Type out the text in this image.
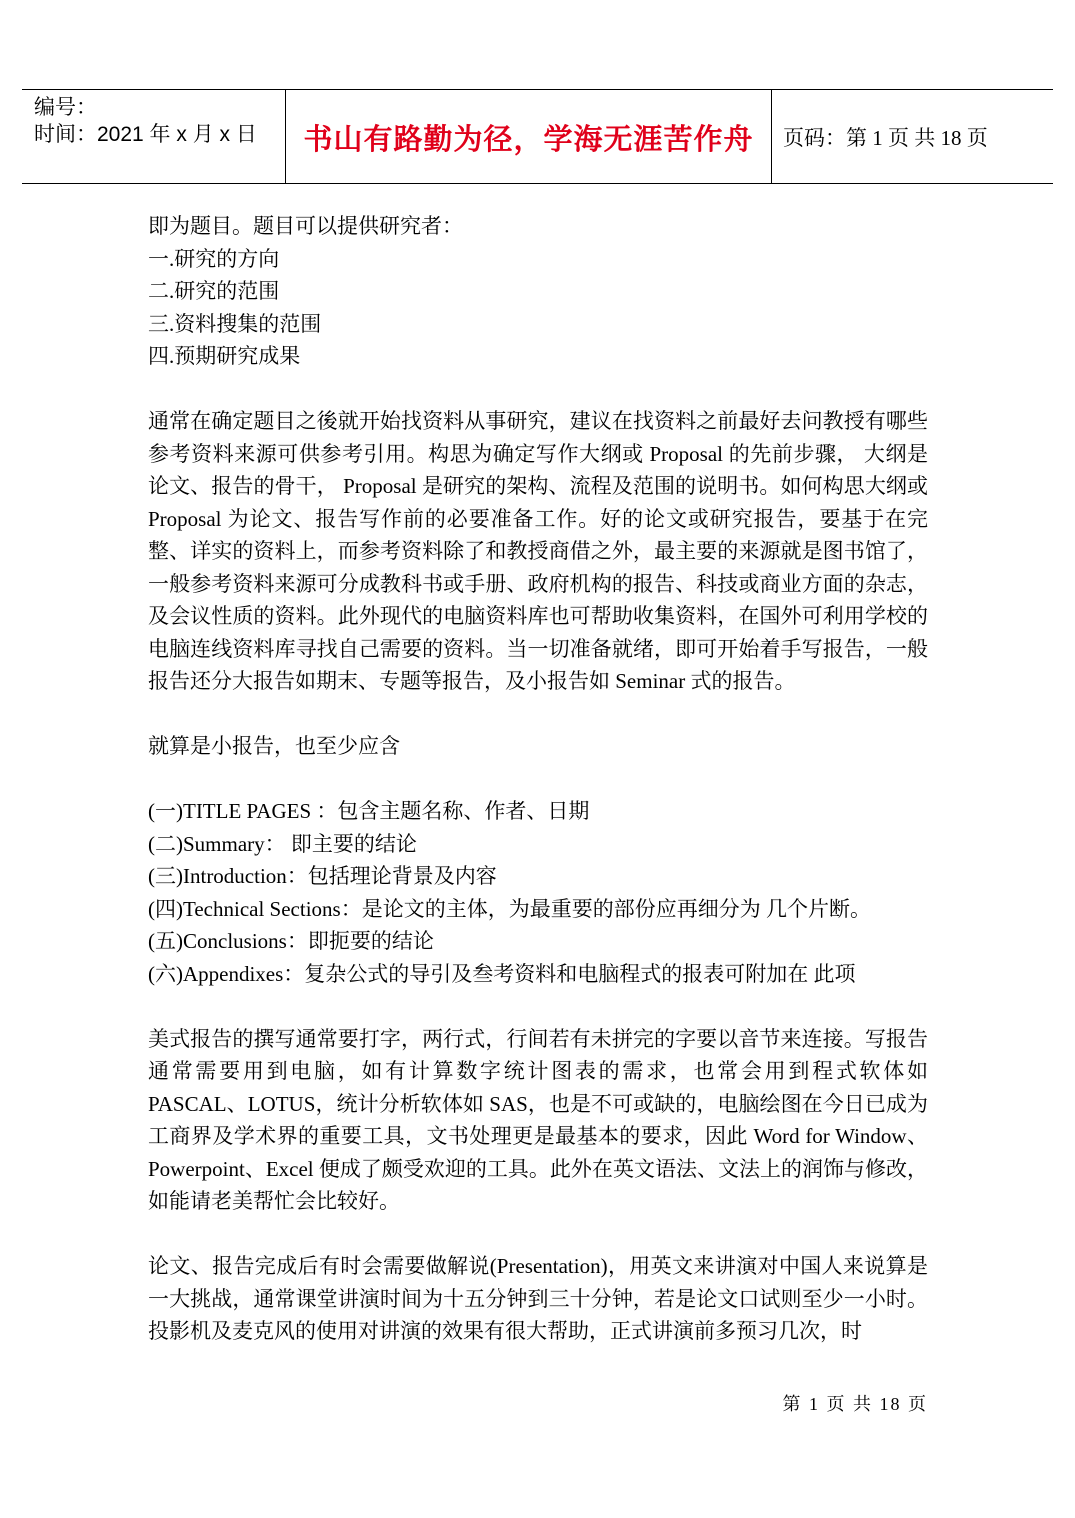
编号：
时间：2021 年 x 月 x 日	书山有路勤为径，学海无涯苦作舟 页码：第 1 页 共 18 页

即为题目。题目可以提供研究者：

一.研究的方向

二.研究的范围

三.资料搜集的范围

四.预期研究成果

通常在确定题目之後就开始找资料从事研究，建议在找资料之前最好去问教授有哪些参考资料来源可供参考引用。构思为确定写作大纲或 Proposal 的先前步骤， 大纲是论文、报告的骨干， Proposal 是研究的架构、流程及范围的说明书。如何构思大纲或 Proposal 为论文、报告写作前的必要准备工作。好的论文或研究报告，要基于在完整、详实的资料上，而参考资料除了和教授商借之外，最主要的来源就是图书馆了，一般参考资料来源可分成教科书或手册、政府机构的报告、科技或商业方面的杂志，及会议性质的资料。此外现代的电脑资料库也可帮助收集资料，在国外可利用学校的电脑连线资料库寻找自己需要的资料。当一切准备就绪，即可开始着手写报告，一般报告还分大报告如期末、专题等报告，及小报告如 Seminar 式的报告。

就算是小报告，也至少应含

(一)TITLE PAGES ：包含主题名称、作者、日期

(二)Summary： 即主要的结论

(三)Introduction：包括理论背景及内容

(四)Technical Sections：是论文的主体，为最重要的部份应再细分为 几个片断。

(五)Conclusions：即扼要的结论

(六)Appendixes：复杂公式的导引及叁考资料和电脑程式的报表可附加在 此项

美式报告的撰写通常要打字，两行式，行间若有未拼完的字要以音节来连接。写报告通常需要用到电脑，如有计算数字统计图表的需求，也常会用到程式软体如 PASCAL、LOTUS，统计分析软体如 SAS，也是不可或缺的，电脑绘图在今日已成为工商界及学术界的重要工具，文书处理更是最基本的要求，因此 Word for Window、Powerpoint、Excel 便成了颇受欢迎的工具。此外在英文语法、文法上的润饰与修改，如能请老美帮忙会比较好。

论文、报告完成后有时会需要做解说(Presentation)，用英文来讲演对中国人来说算是一大挑战，通常课堂讲演时间为十五分钟到三十分钟，若是论文口试则至少一小时。投影机及麦克风的使用对讲演的效果有很大帮助，正式讲演前多预习几次，时

第 1 页 共 18 页
